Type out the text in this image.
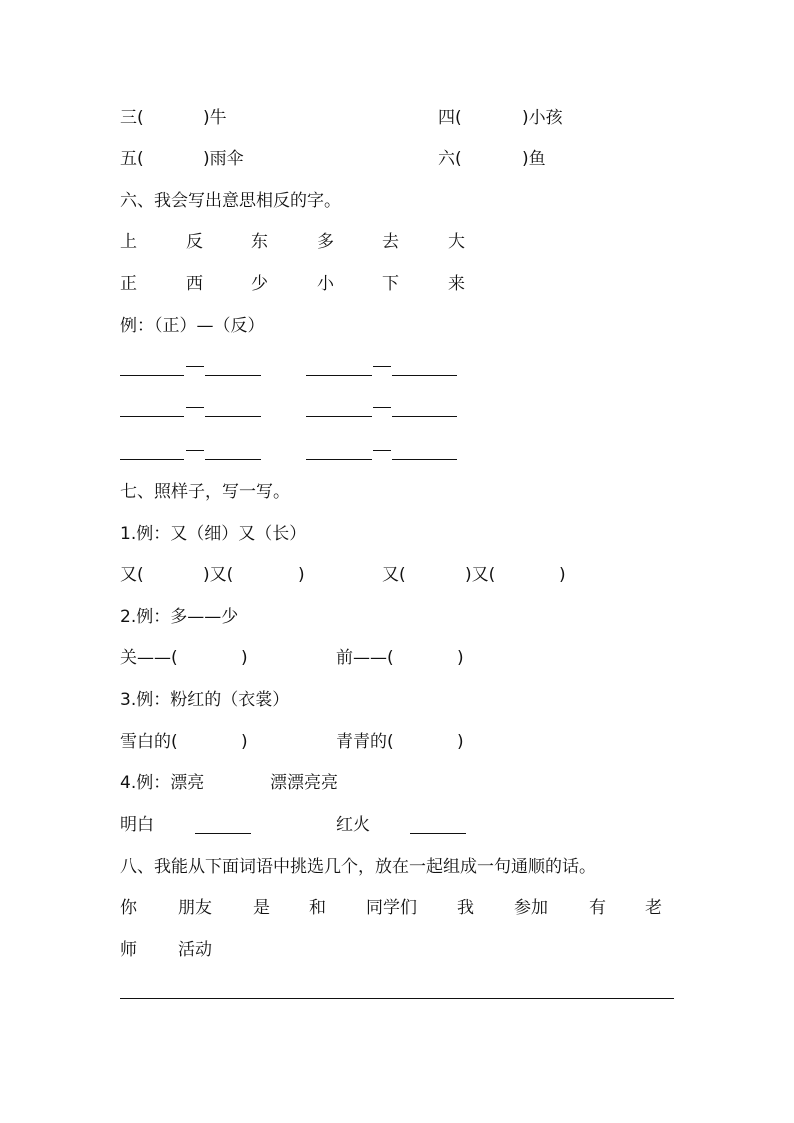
三(	)牛	四(	)小孩
五(	)雨伞	六(	)鱼
六、我会写出意思相反的字。
上	反	东	多	去	大
正	西	少	小	下	来
例：（正）—（反）
七、照样子，写一写。
1.例：又（细）又（长）
又(	)又(	)	又(	)又(	)
2.例：多——少
关——(	)	前——(	)
3.例：粉红的（衣裳）
雪白的(	)	青青的(	)
4.例：漂亮	漂漂亮亮
明白	红火
八、我能从下面词语中挑选几个，放在一起组成一句通顺的话。
你 朋友 是 和 同学们 我 参加 有 老
师 活动
